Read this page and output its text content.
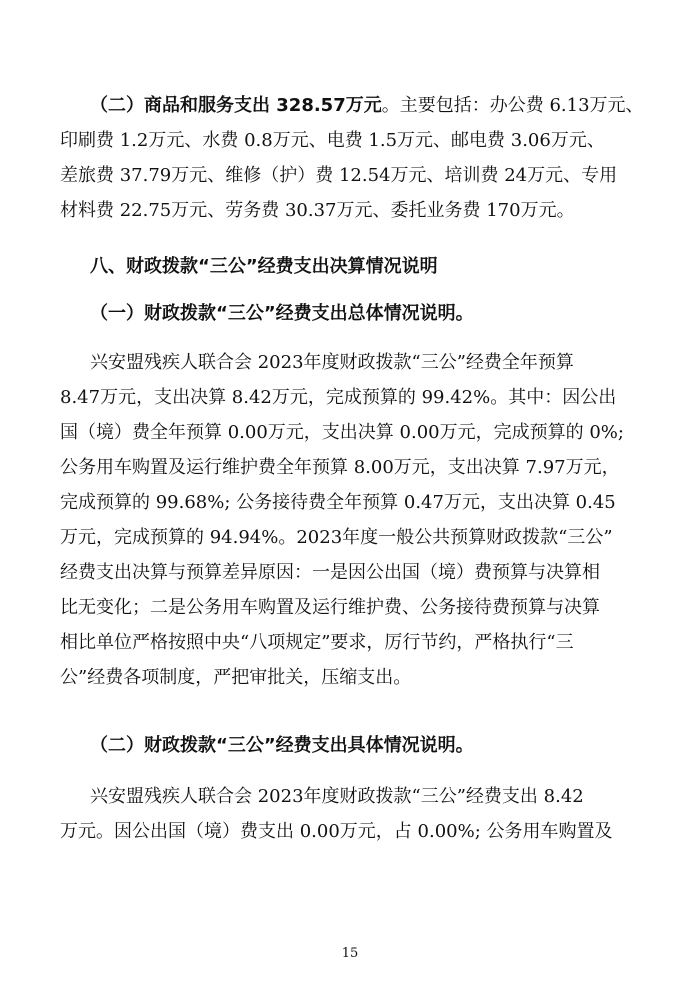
（二）商品和服务支出 328.57万元。主要包括：办公费 6.13万元、
印刷费 1.2万元、水费 0.8万元、电费 1.5万元、邮电费 3.06万元、
差旅费 37.79万元、维修（护）费 12.54万元、培训费 24万元、专用
材料费 22.75万元、劳务费 30.37万元、委托业务费 170万元。

八、财政拨款“三公”经费支出决算情况说明

（一）财政拨款“三公”经费支出总体情况说明。

兴安盟残疾人联合会 2023年度财政拨款“三公”经费全年预算
8.47万元，支出决算 8.42万元，完成预算的 99.42%。其中：因公出
国（境）费全年预算 0.00万元，支出决算 0.00万元，完成预算的 0%;
公务用车购置及运行维护费全年预算 8.00万元，支出决算 7.97万元，
完成预算的 99.68%; 公务接待费全年预算 0.47万元，支出决算 0.45
万元，完成预算的 94.94%。2023年度一般公共预算财政拨款“三公”
经费支出决算与预算差异原因：一是因公出国（境）费预算与决算相
比无变化；二是公务用车购置及运行维护费、公务接待费预算与决算
相比单位严格按照中央“八项规定”要求，厉行节约，严格执行“三
公”经费各项制度，严把审批关，压缩支出。

（二）财政拨款“三公”经费支出具体情况说明。

兴安盟残疾人联合会 2023年度财政拨款“三公”经费支出 8.42
万元。因公出国（境）费支出 0.00万元，占 0.00%; 公务用车购置及
15
